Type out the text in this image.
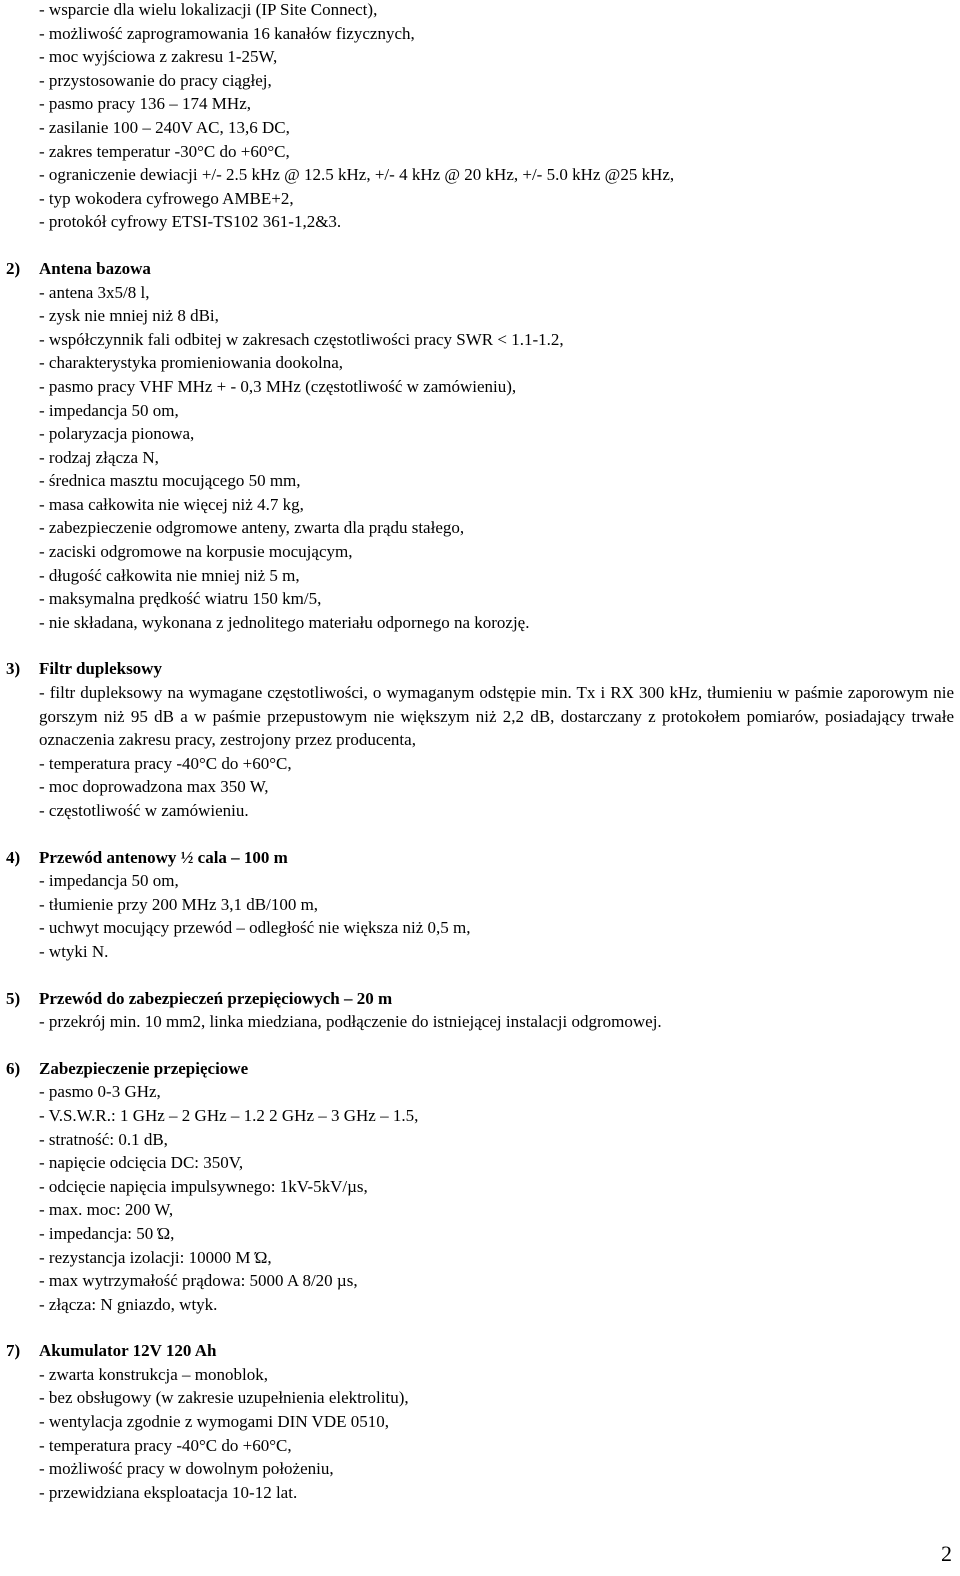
- wsparcie dla wielu lokalizacji (IP Site Connect),
- możliwość zaprogramowania 16 kanałów fizycznych,
- moc wyjściowa z zakresu 1-25W,
- przystosowanie do pracy ciągłej,
- pasmo pracy 136 – 174 MHz,
- zasilanie 100 – 240V AC, 13,6 DC,
- zakres temperatur -30°C do +60°C,
- ograniczenie dewiacji +/- 2.5 kHz @ 12.5 kHz, +/- 4 kHz @ 20 kHz, +/- 5.0 kHz @25 kHz,
- typ wokodera cyfrowego AMBE+2,
- protokół cyfrowy ETSI-TS102 361-1,2&3.
2)	Antena bazowa
- antena 3x5/8 l,
- zysk nie mniej niż 8 dBi,
- współczynnik fali odbitej w zakresach częstotliwości pracy SWR < 1.1-1.2,
- charakterystyka promieniowania dookolna,
- pasmo pracy VHF MHz + - 0,3 MHz (częstotliwość w zamówieniu),
- impedancja 50 om,
- polaryzacja pionowa,
- rodzaj złącza N,
- średnica masztu mocującego 50 mm,
- masa całkowita nie więcej niż 4.7 kg,
- zabezpieczenie odgromowe anteny, zwarta dla prądu stałego,
- zaciski odgromowe na korpusie mocującym,
- długość całkowita nie mniej niż 5 m,
- maksymalna prędkość wiatru 150 km/5,
- nie składana, wykonana z jednolitego materiału odpornego na korozję.
3)	Filtr dupleksowy
- filtr dupleksowy na wymagane częstotliwości, o wymaganym odstępie min. Tx i RX 300 kHz, tłumieniu w paśmie zaporowym nie gorszym niż 95 dB a w paśmie przepustowym nie większym niż 2,2 dB, dostarczany z protokołem pomiarów, posiadający trwałe oznaczenia zakresu pracy, zestrojony przez producenta,
- temperatura pracy -40°C do +60°C,
- moc doprowadzona max 350 W,
- częstotliwość w zamówieniu.
4)	Przewód antenowy ½ cala – 100 m
- impedancja 50 om,
- tłumienie przy 200 MHz 3,1 dB/100 m,
- uchwyt mocujący przewód – odległość nie większa niż 0,5 m,
- wtyki N.
5)	Przewód do zabezpieczeń przepięciowych – 20 m
- przekrój min. 10 mm2, linka miedziana, podłączenie do istniejącej instalacji odgromowej.
6)	Zabezpieczenie przepięciowe
- pasmo 0-3 GHz,
- V.S.W.R.: 1 GHz – 2 GHz – 1.2 2 GHz – 3 GHz – 1.5,
- stratność: 0.1 dB,
- napięcie odcięcia DC: 350V,
- odcięcie napięcia impulsywnego: 1kV-5kV/µs,
- max. moc: 200 W,
- impedancja: 50 Ώ,
- rezystancja izolacji: 10000 M Ώ,
- max wytrzymałość prądowa: 5000 A 8/20 µs,
- złącza: N gniazdo, wtyk.
7)	Akumulator 12V 120 Ah
- zwarta konstrukcja – monoblok,
- bez obsługowy (w zakresie uzupełnienia elektrolitu),
- wentylacja zgodnie z wymogami DIN VDE 0510,
- temperatura pracy -40°C do +60°C,
- możliwość pracy w dowolnym położeniu,
- przewidziana eksploatacja 10-12 lat.
2
